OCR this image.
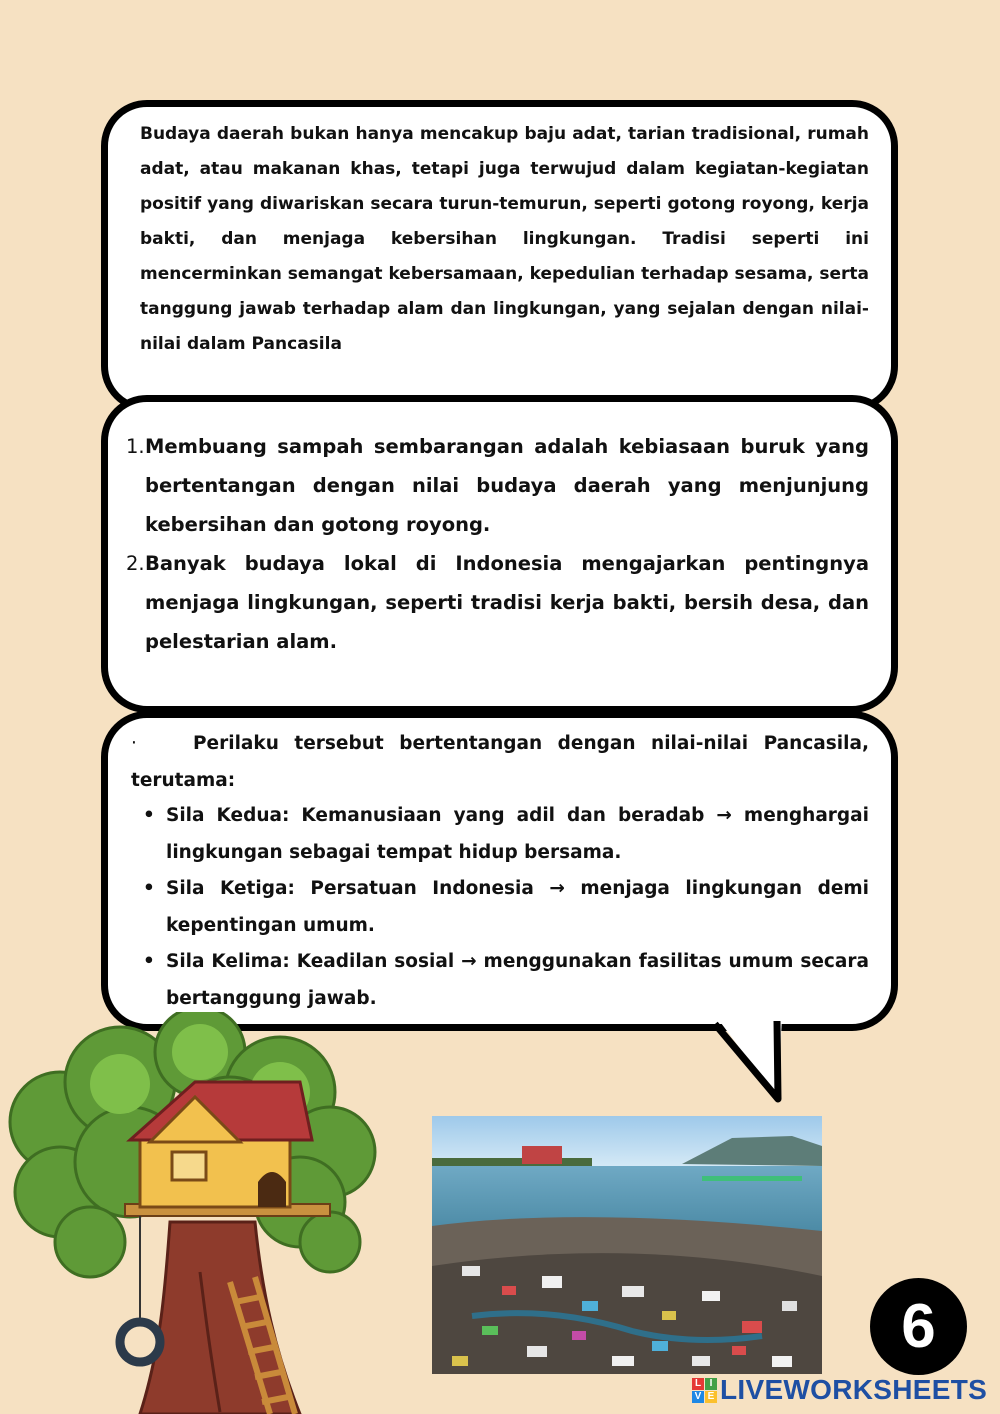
Budaya daerah bukan hanya mencakup baju adat, tarian tradisional, rumah adat, atau makanan khas, tetapi juga terwujud dalam kegiatan-kegiatan positif yang diwariskan secara turun-temurun, seperti gotong royong, kerja bakti, dan menjaga kebersihan lingkungan. Tradisi seperti ini mencerminkan semangat kebersamaan, kepedulian terhadap sesama, serta tanggung jawab terhadap alam dan lingkungan, yang sejalan dengan nilai-nilai dalam Pancasila

1. Membuang sampah sembarangan adalah kebiasaan buruk yang bertentangan dengan nilai budaya daerah yang menjunjung kebersihan dan gotong royong.
2. Banyak budaya lokal di Indonesia mengajarkan pentingnya menjaga lingkungan, seperti tradisi kerja bakti, bersih desa, dan pelestarian alam.

·	Perilaku tersebut bertentangan dengan nilai-nilai Pancasila, terutama:

• Sila Kedua: Kemanusiaan yang adil dan beradab → menghargai lingkungan sebagai tempat hidup bersama.
• Sila Ketiga: Persatuan Indonesia → menjaga lingkungan demi kepentingan umum.
• Sila Kelima: Keadilan sosial → menggunakan fasilitas umum secara bertanggung jawab.
6
L I
V E LIVEWORKSHEETS
